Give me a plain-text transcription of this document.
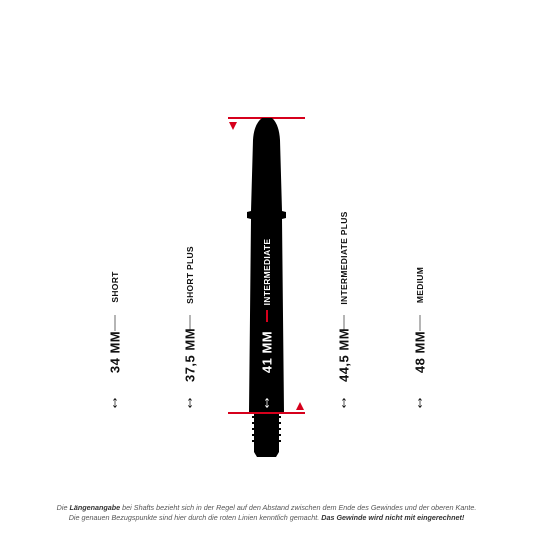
SHORT
34 MM
↕
SHORT PLUS
37,5 MM
↕
INTERMEDIATE
41 MM
↕
INTERMEDIATE PLUS
44,5 MM
↕
MEDIUM
48 MM
↕
Die Längenangabe bei Shafts bezieht sich in der Regel auf den Abstand zwischen dem Ende des Gewindes und der oberen Kante.
Die genauen Bezugspunkte sind hier durch die roten Linien kenntlich gemacht. Das Gewinde wird nicht mit eingerechnet!
